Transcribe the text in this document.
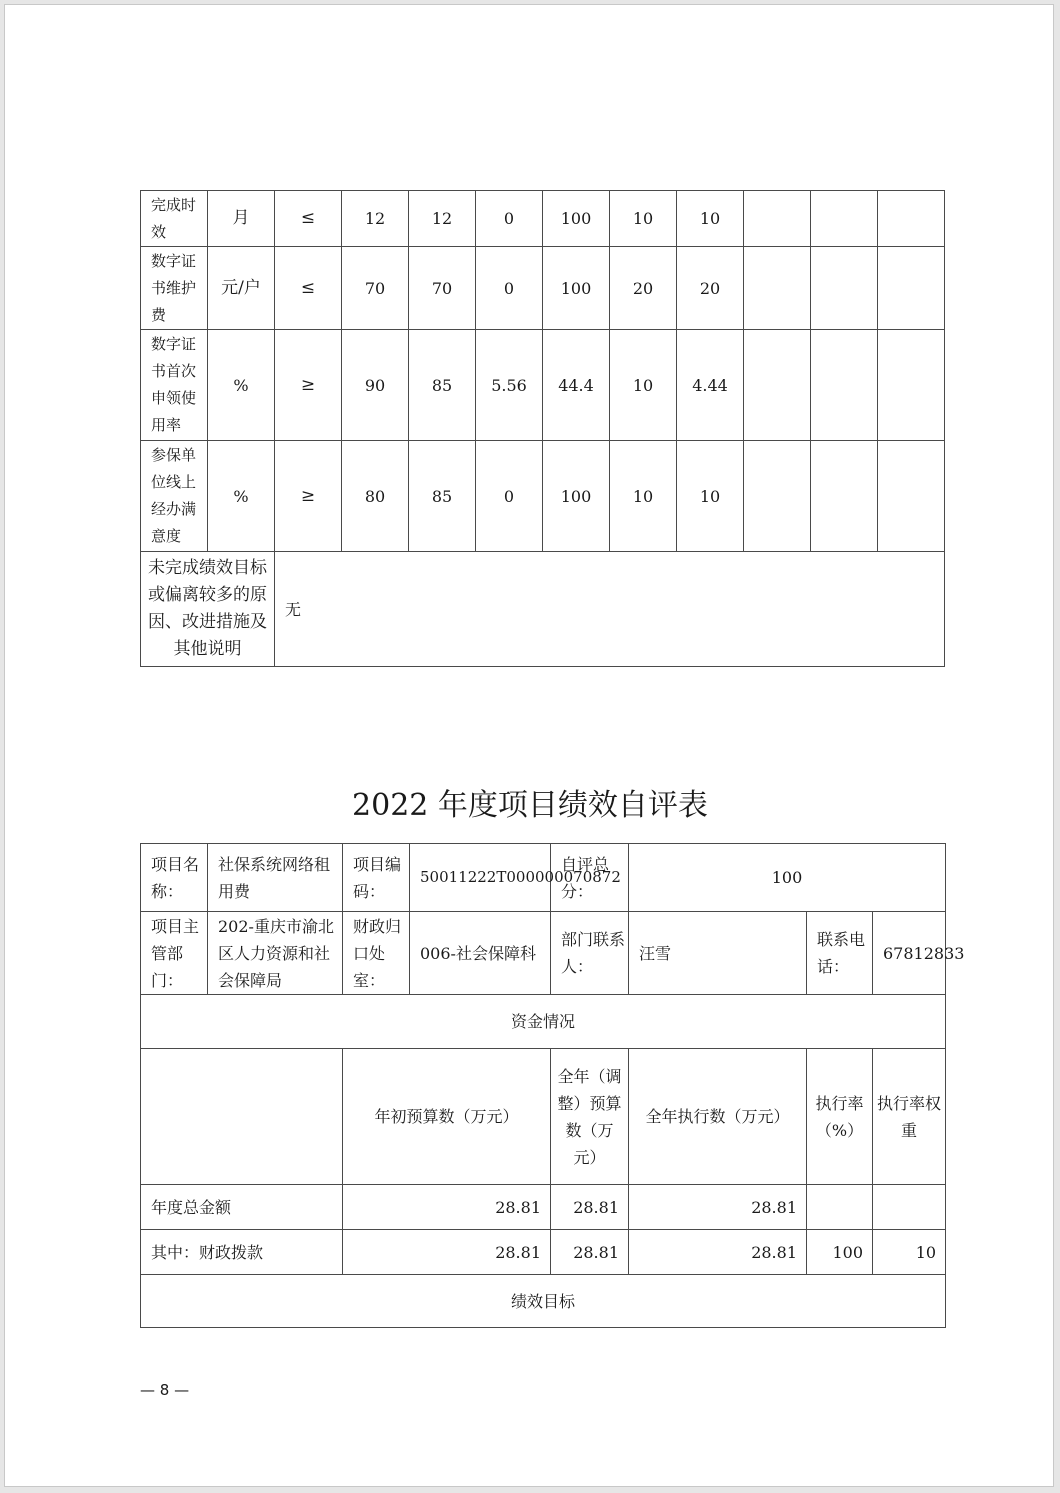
完成时效	月	≤	12	12	0	100	10	10			
数字证书维护费	元/户	≤	70	70	0	100	20	20			
数字证书首次申领使用率	%	≥	90	85	5.56	44.4	10	4.44			
参保单位线上经办满意度	%	≥	80	85	0	100	10	10			
未完成绩效目标或偏离较多的原因、改进措施及其他说明		无									
2022 年度项目绩效自评表
项目名称：	社保系统网络租用费	项目编码：	50011222T000000070872	自评总分：	100			
项目主管部门：	202-重庆市渝北区人力资源和社会保障局	财政归口处室：	006-社会保障科	部门联系人：	汪雪	联系电话：	67812833	
资金情况								
		年初预算数（万元）		全年（调整）预算数（万元）	全年执行数（万元）	执行率（%）	执行率权重	
年度总金额		28.81		28.81	28.81			
其中：财政拨款		28.81		28.81	28.81	100	10	
绩效目标								
— 8 —
